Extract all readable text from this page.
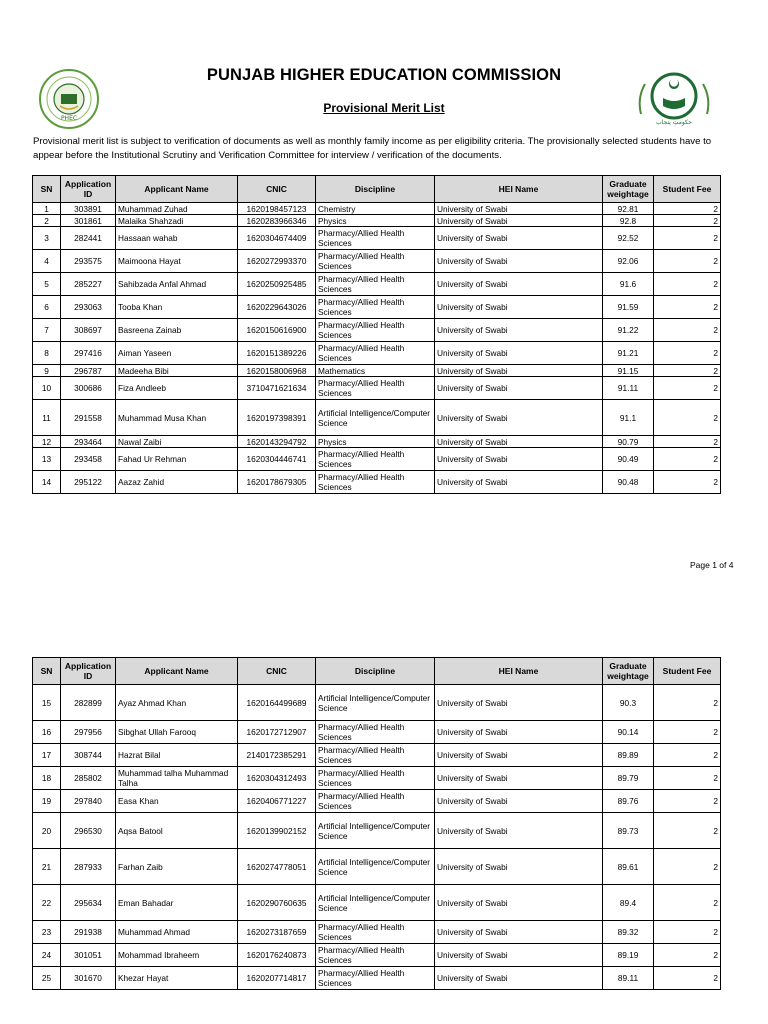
PHEC
حکومتِ پنجاب
PUNJAB HIGHER EDUCATION COMMISSION
Provisional Merit List
Provisional merit list is subject to verification of documents as well as monthly family income as per eligibility criteria. The provisionally selected students have to appear before the Institutional Scrutiny and Verification Committee for interview / verification of the documents.
SN	Application ID	Applicant Name	CNIC	Discipline	HEI Name	Graduate weightage	Student Fee
1	303891	Muhammad Zuhad	1620198457123	Chemistry	University of Swabi	92.81	2
2	301861	Malaika Shahzadi	1620283966346	Physics	University of Swabi	92.8	2
3	282441	Hassaan wahab	1620304674409	Pharmacy/Allied Health Sciences	University of Swabi	92.52	2
4	293575	Maimoona Hayat	1620272993370	Pharmacy/Allied Health Sciences	University of Swabi	92.06	2
5	285227	Sahibzada Anfal Ahmad	1620250925485	Pharmacy/Allied Health Sciences	University of Swabi	91.6	2
6	293063	Tooba Khan	1620229643026	Pharmacy/Allied Health Sciences	University of Swabi	91.59	2
7	308697	Basreena Zainab	1620150616900	Pharmacy/Allied Health Sciences	University of Swabi	91.22	2
8	297416	Aiman Yaseen	1620151389226	Pharmacy/Allied Health Sciences	University of Swabi	91.21	2
9	296787	Madeeha Bibi	1620158006968	Mathematics	University of Swabi	91.15	2
10	300686	Fiza Andleeb	3710471621634	Pharmacy/Allied Health Sciences	University of Swabi	91.11	2
11	291558	Muhammad Musa Khan	1620197398391	Artificial Intelligence/Computer Science	University of Swabi	91.1	2
12	293464	Nawal Zaibi	1620143294792	Physics	University of Swabi	90.79	2
13	293458	Fahad Ur Rehman	1620304446741	Pharmacy/Allied Health Sciences	University of Swabi	90.49	2
14	295122	Aazaz Zahid	1620178679305	Pharmacy/Allied Health Sciences	University of Swabi	90.48	2
Page 1 of 4
SN	Application ID	Applicant Name	CNIC	Discipline	HEI Name	Graduate weightage	Student Fee
15	282899	Ayaz Ahmad Khan	1620164499689	Artificial Intelligence/Computer Science	University of Swabi	90.3	2
16	297956	Sibghat Ullah Farooq	1620172712907	Pharmacy/Allied Health Sciences	University of Swabi	90.14	2
17	308744	Hazrat Bilal	2140172385291	Pharmacy/Allied Health Sciences	University of Swabi	89.89	2
18	285802	Muhammad talha Muhammad Talha	1620304312493	Pharmacy/Allied Health Sciences	University of Swabi	89.79	2
19	297840	Easa Khan	1620406771227	Pharmacy/Allied Health Sciences	University of Swabi	89.76	2
20	296530	Aqsa Batool	1620139902152	Artificial Intelligence/Computer Science	University of Swabi	89.73	2
21	287933	Farhan Zaib	1620274778051	Artificial Intelligence/Computer Science	University of Swabi	89.61	2
22	295634	Eman Bahadar	1620290760635	Artificial Intelligence/Computer Science	University of Swabi	89.4	2
23	291938	Muhammad Ahmad	1620273187659	Pharmacy/Allied Health Sciences	University of Swabi	89.32	2
24	301051	Mohammad Ibraheem	1620176240873	Pharmacy/Allied Health Sciences	University of Swabi	89.19	2
25	301670	Khezar Hayat	1620207714817	Pharmacy/Allied Health Sciences	University of Swabi	89.11	2
